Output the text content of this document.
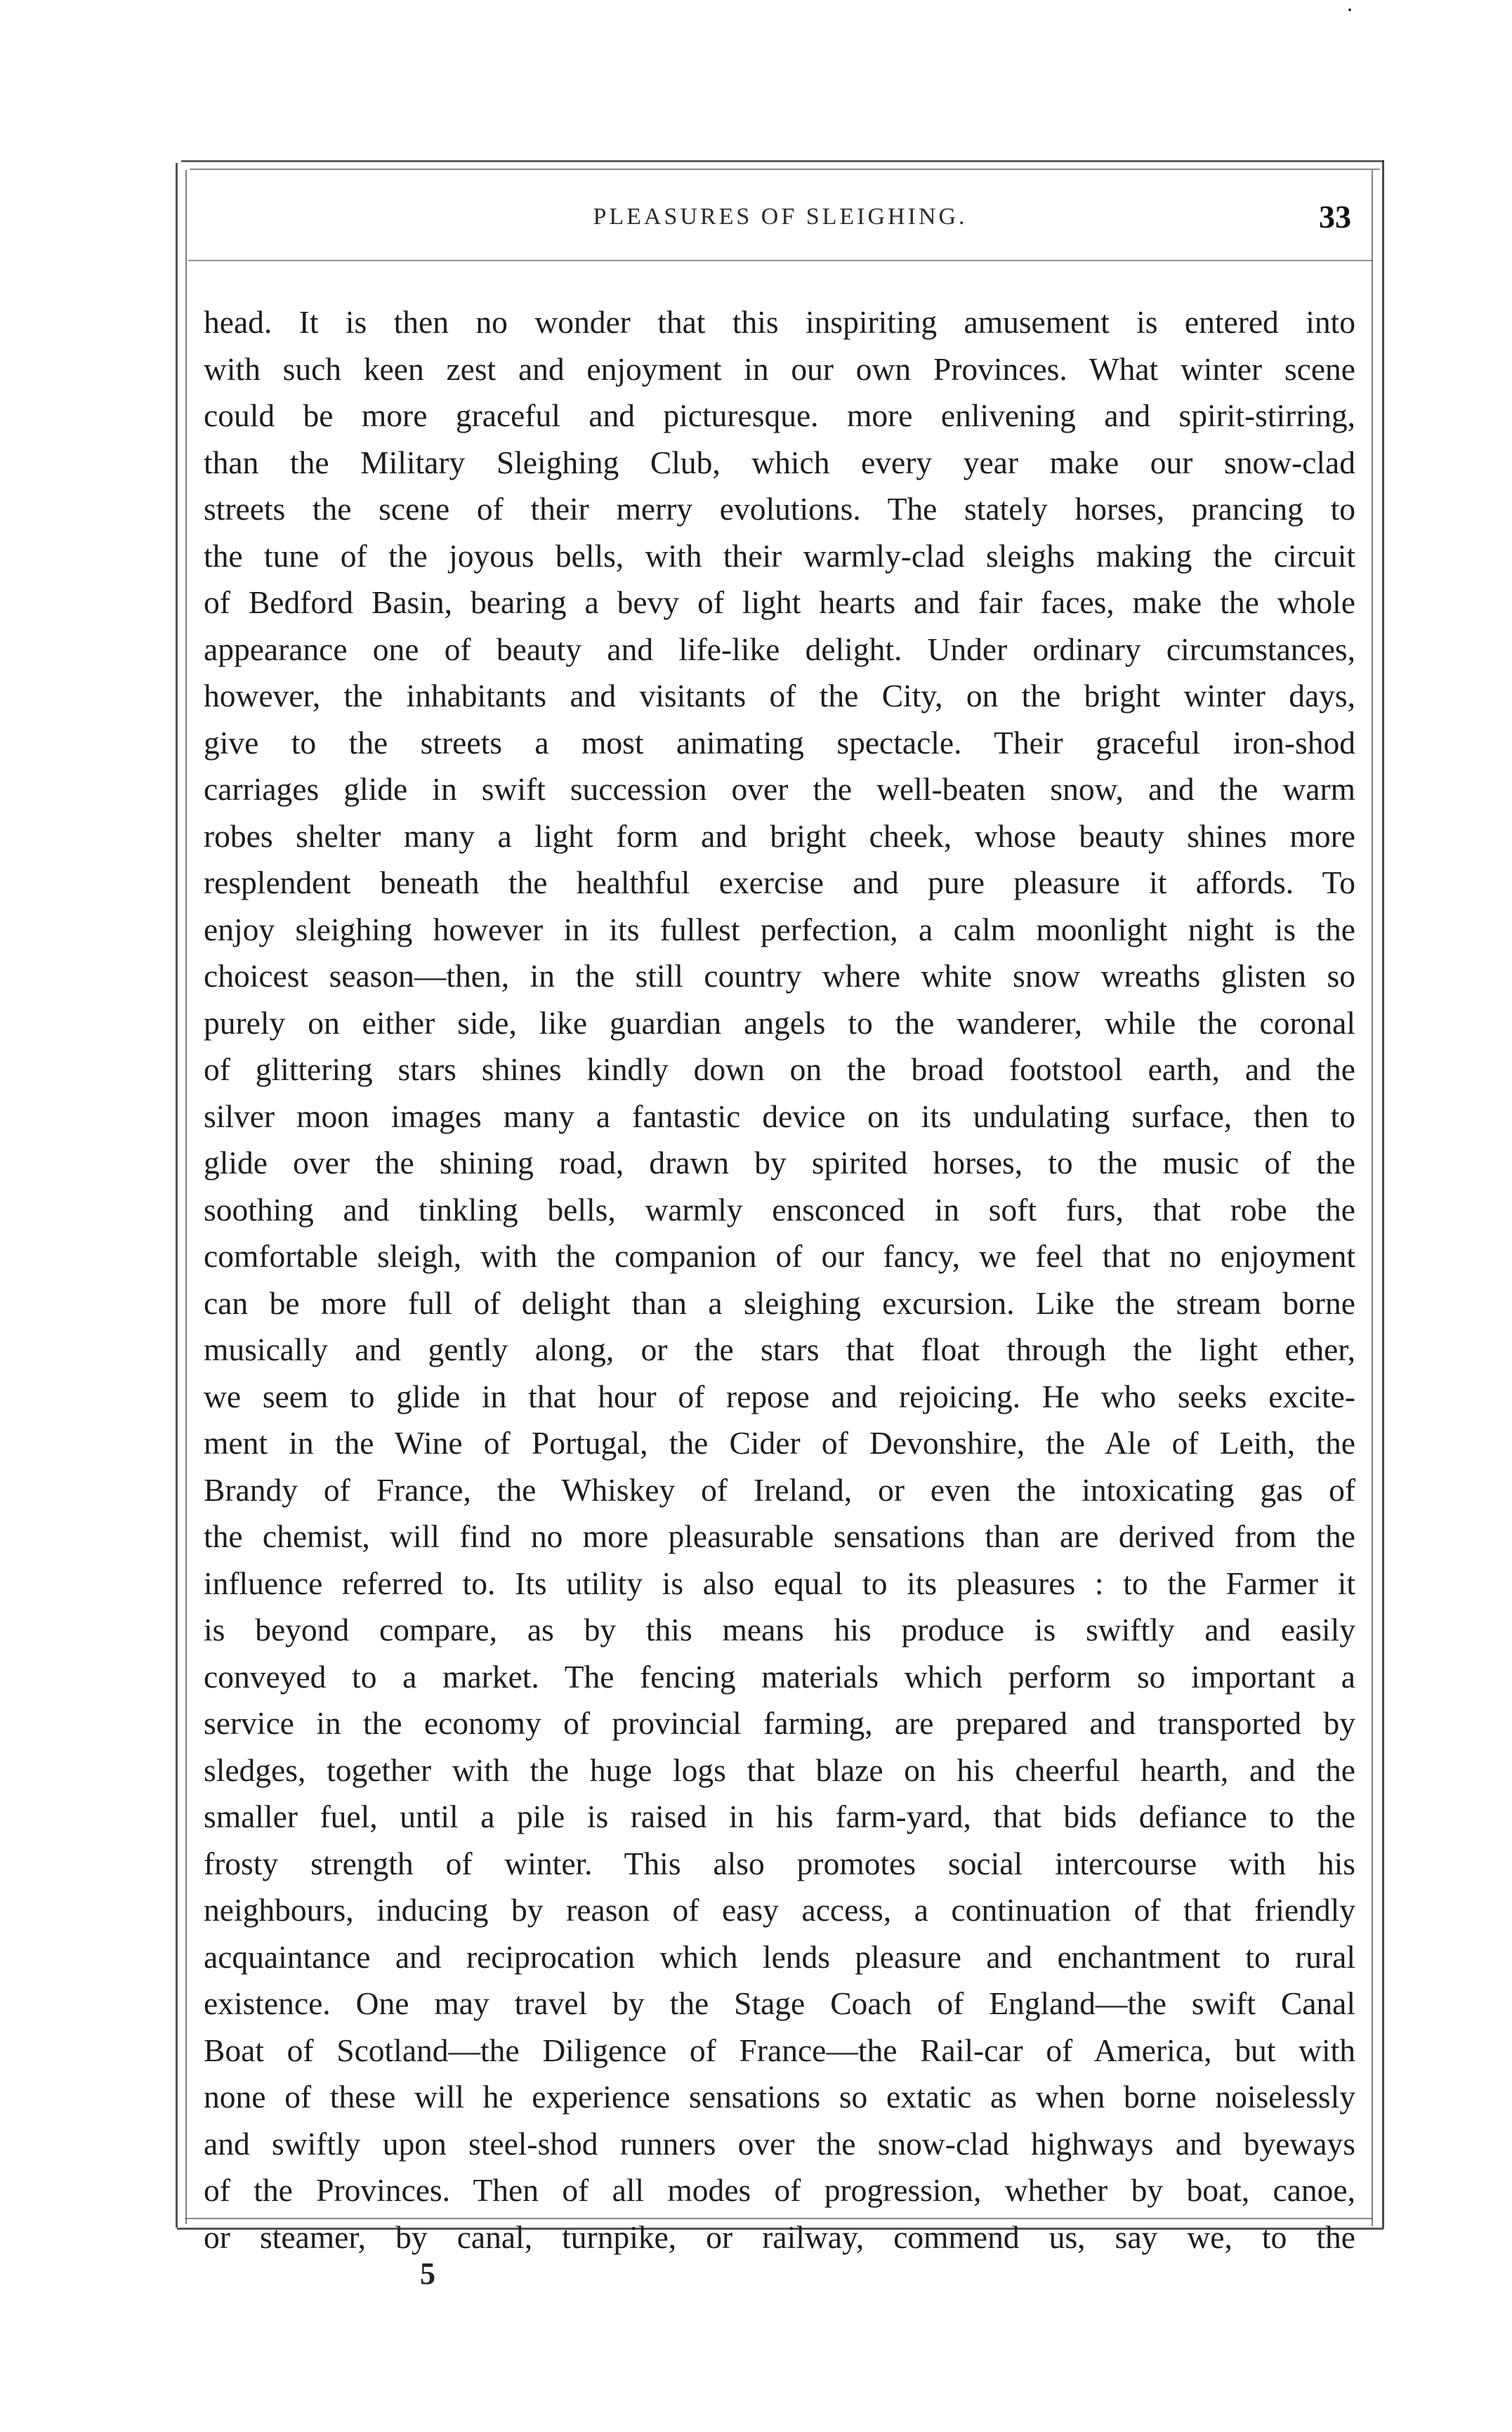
PLEASURES OF SLEIGHING.	33
head. It is then no wonder that this inspiriting amusement is entered into
with such keen zest and enjoyment in our own Provinces. What winter scene
could be more graceful and picturesque. more enlivening and spirit-stirring,
than the Military Sleighing Club, which every year make our snow-clad
streets the scene of their merry evolutions. The stately horses, prancing to
the tune of the joyous bells, with their warmly-clad sleighs making the circuit
of Bedford Basin, bearing a bevy of light hearts and fair faces, make the whole
appearance one of beauty and life-like delight. Under ordinary circumstances,
however, the inhabitants and visitants of the City, on the bright winter days,
give to the streets a most animating spectacle. Their graceful iron-shod
carriages glide in swift succession over the well-beaten snow, and the warm
robes shelter many a light form and bright cheek, whose beauty shines more
resplendent beneath the healthful exercise and pure pleasure it affords. To
enjoy sleighing however in its fullest perfection, a calm moonlight night is the
choicest season—then, in the still country where white snow wreaths glisten so
purely on either side, like guardian angels to the wanderer, while the coronal
of glittering stars shines kindly down on the broad footstool earth, and the
silver moon images many a fantastic device on its undulating surface, then to
glide over the shining road, drawn by spirited horses, to the music of the
soothing and tinkling bells, warmly ensconced in soft furs, that robe the
comfortable sleigh, with the companion of our fancy, we feel that no enjoyment
can be more full of delight than a sleighing excursion. Like the stream borne
musically and gently along, or the stars that float through the light ether,
we seem to glide in that hour of repose and rejoicing. He who seeks excite-
ment in the Wine of Portugal, the Cider of Devonshire, the Ale of Leith, the
Brandy of France, the Whiskey of Ireland, or even the intoxicating gas of
the chemist, will find no more pleasurable sensations than are derived from the
influence referred to. Its utility is also equal to its pleasures : to the Farmer it
is beyond compare, as by this means his produce is swiftly and easily
conveyed to a market. The fencing materials which perform so important a
service in the economy of provincial farming, are prepared and transported by
sledges, together with the huge logs that blaze on his cheerful hearth, and the
smaller fuel, until a pile is raised in his farm-yard, that bids defiance to the
frosty strength of winter. This also promotes social intercourse with his
neighbours, inducing by reason of easy access, a continuation of that friendly
acquaintance and reciprocation which lends pleasure and enchantment to rural
existence. One may travel by the Stage Coach of England—the swift Canal
Boat of Scotland—the Diligence of France—the Rail-car of America, but with
none of these will he experience sensations so extatic as when borne noiselessly
and swiftly upon steel-shod runners over the snow-clad highways and byeways
of the Provinces. Then of all modes of progression, whether by boat, canoe,
or steamer, by canal, turnpike, or railway, commend us, say we, to the
5
